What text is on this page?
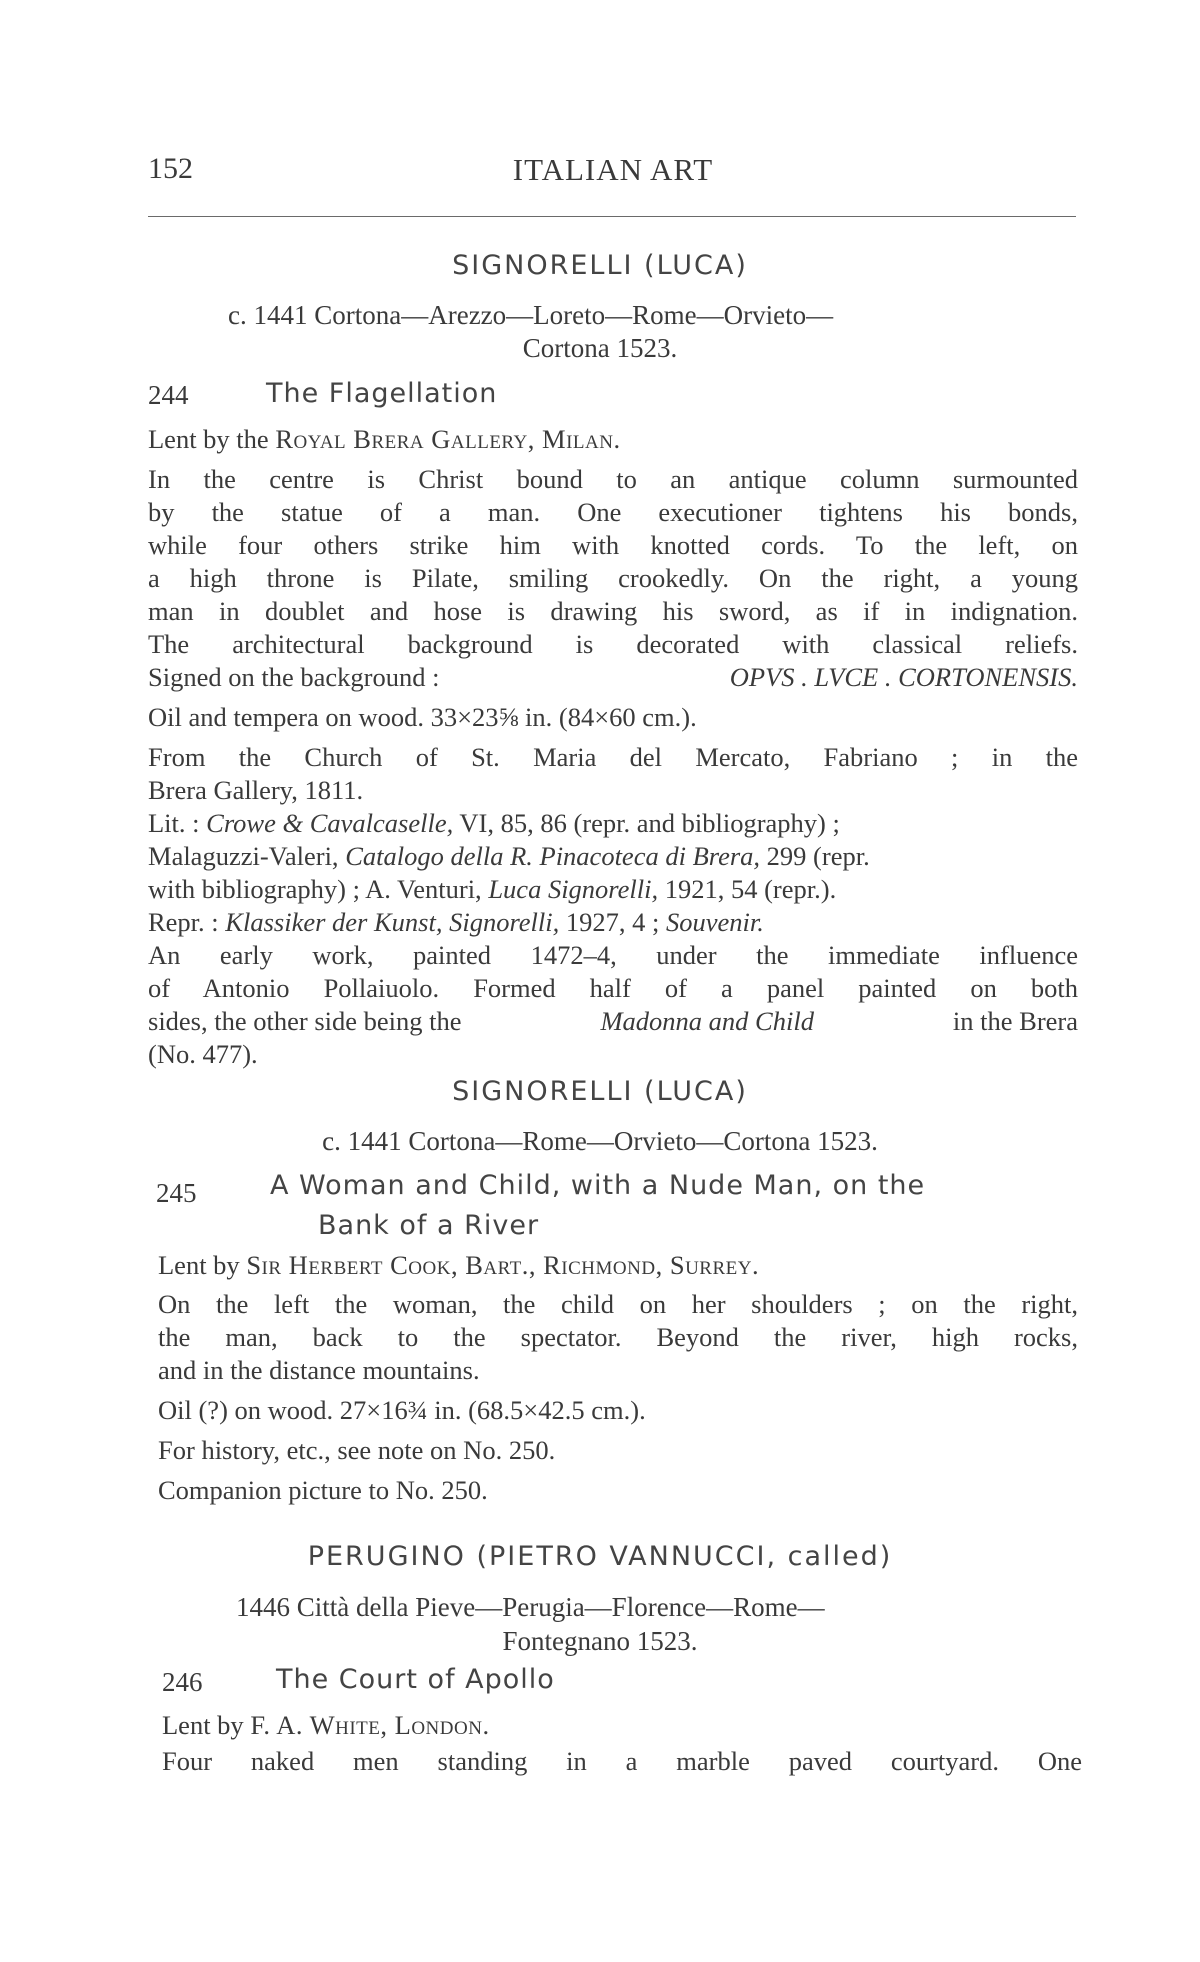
152	ITALIAN ART
SIGNORELLI (LUCA)
c. 1441 Cortona—Arezzo—Loreto—Rome—Orvieto—
Cortona 1523.
244	The Flagellation
Lent by the Royal Brera Gallery, Milan.
In the centre is Christ bound to an antique column surmounted
by the statue of a man. One executioner tightens his bonds,
while four others strike him with knotted cords. To the left, on
a high throne is Pilate, smiling crookedly. On the right, a young
man in doublet and hose is drawing his sword, as if in indignation.
The architectural background is decorated with classical reliefs.
Signed on the background :	OPVS . LVCE . CORTONENSIS.
Oil and tempera on wood. 33×23⅝ in. (84×60 cm.).
From the Church of St. Maria del Mercato, Fabriano ; in the
Brera Gallery, 1811.
Lit. : Crowe & Cavalcaselle, VI, 85, 86 (repr. and bibliography) ;
Malaguzzi-Valeri, Catalogo della R. Pinacoteca di Brera, 299 (repr.
with bibliography) ; A. Venturi, Luca Signorelli, 1921, 54 (repr.).
Repr. : Klassiker der Kunst, Signorelli, 1927, 4 ; Souvenir.
An early work, painted 1472–4, under the immediate influence
of Antonio Pollaiuolo. Formed half of a panel painted on both
sides, the other side being the	Madonna and Child	in the Brera
(No. 477).
SIGNORELLI (LUCA)
c. 1441 Cortona—Rome—Orvieto—Cortona 1523.
245	A Woman and Child, with a Nude Man, on the
Bank of a River
Lent by Sir Herbert Cook, Bart., Richmond, Surrey.
On the left the woman, the child on her shoulders ; on the right,
the man, back to the spectator. Beyond the river, high rocks,
and in the distance mountains.
Oil (?) on wood. 27×16¾ in. (68.5×42.5 cm.).
For history, etc., see note on No. 250.
Companion picture to No. 250.
PERUGINO (PIETRO VANNUCCI, called)
1446 Città della Pieve—Perugia—Florence—Rome—
Fontegnano 1523.
246	The Court of Apollo
Lent by F. A. White, London.
Four naked men standing in a marble paved courtyard. One
